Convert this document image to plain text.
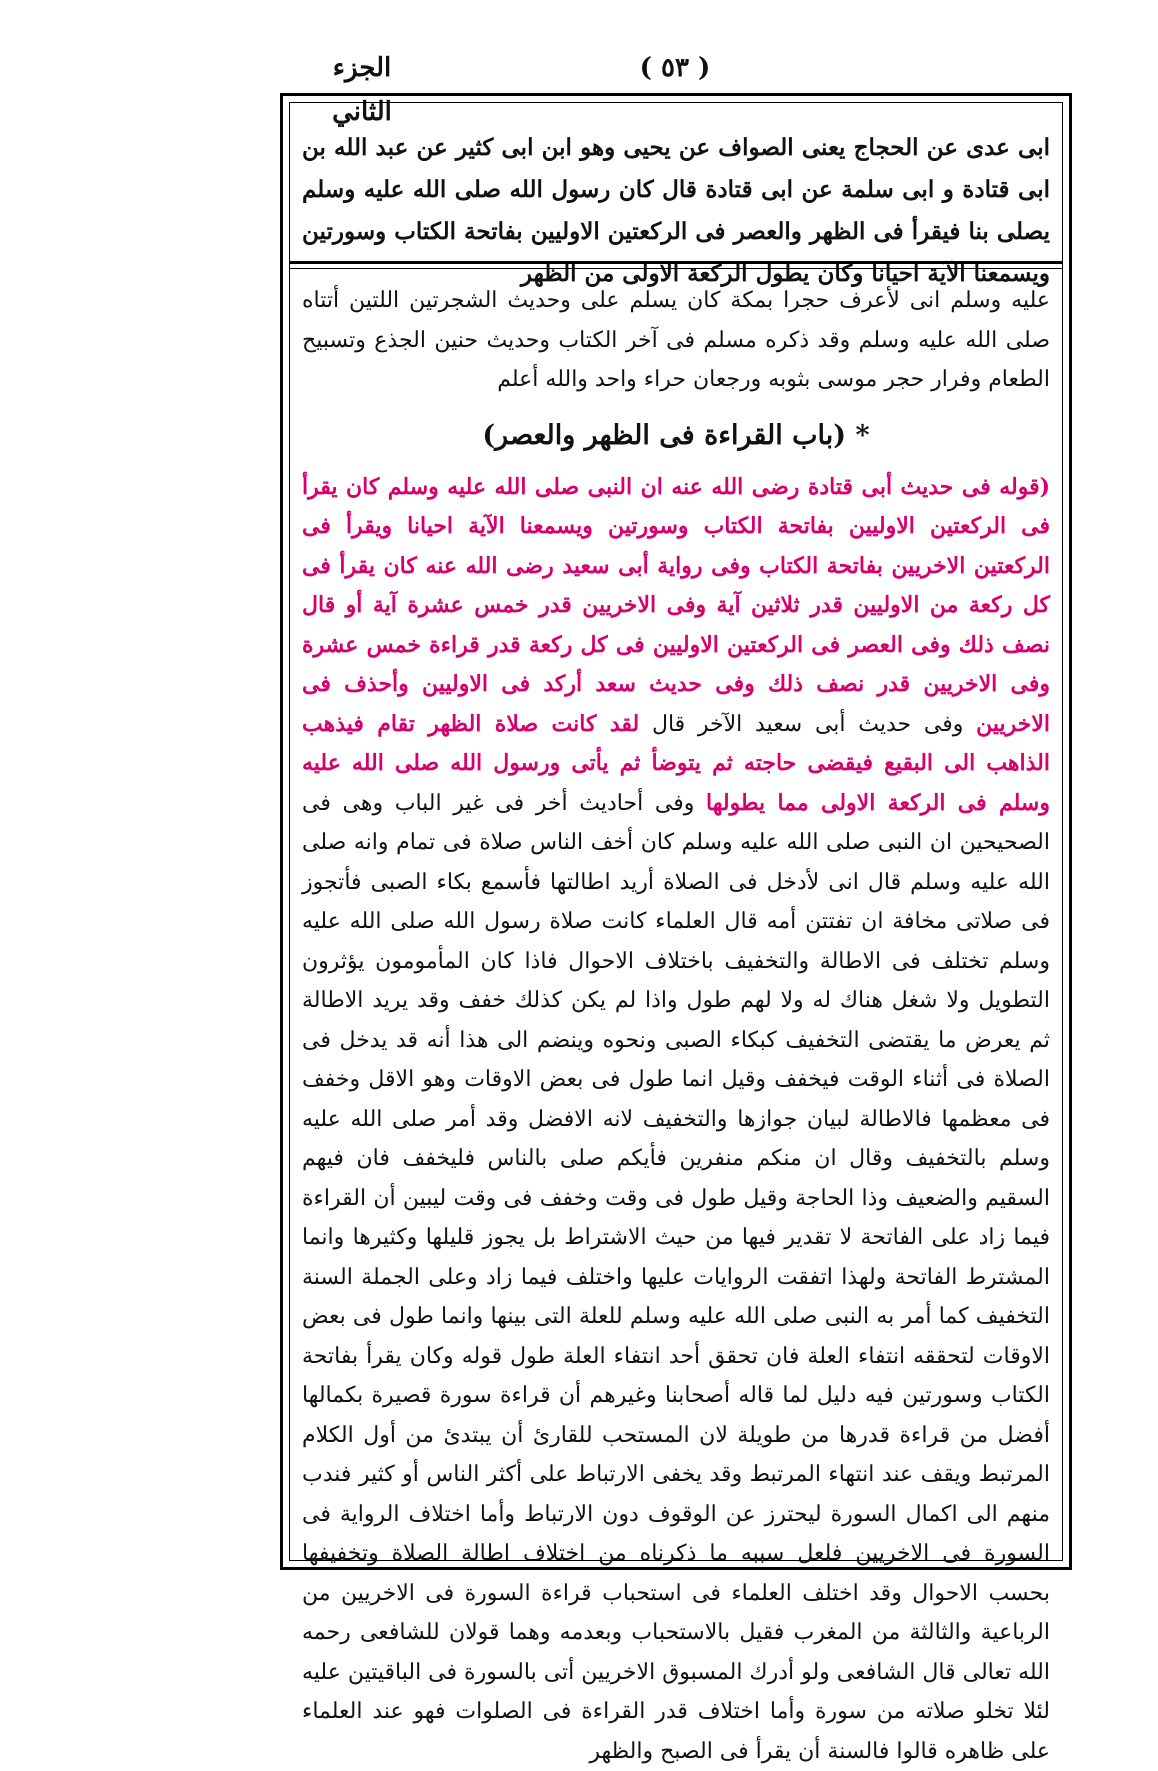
الجزء الثاني
( ٥٣ )
ابى عدى عن الحجاج يعنى الصواف عن يحيى وهو ابن ابى كثير عن عبد الله بن ابى قتادة و ابى سلمة عن ابى قتادة قال كان رسول الله صلى الله عليه وسلم يصلى بنا فيقرأ فى الظهر والعصر فى الركعتين الاوليين بفاتحة الكتاب وسورتين ويسمعنا الآية احيانا وكان يطول الركعة الاولى من الظهر

عليه وسلم انى لأعرف حجرا بمكة كان يسلم على وحديث الشجرتين اللتين أتتاه صلى الله عليه وسلم وقد ذكره مسلم فى آخر الكتاب وحديث حنين الجذع وتسبيح الطعام وفرار حجر موسى بثوبه ورجعان حراء واحد والله أعلم

* (باب القراءة فى الظهر والعصر)

(قوله فى حديث أبى قتادة رضى الله عنه ان النبى صلى الله عليه وسلم كان يقرأ فى الركعتين الاوليين بفاتحة الكتاب وسورتين ويسمعنا الآية احيانا ويقرأ فى الركعتين الاخريين بفاتحة الكتاب وفى رواية أبى سعيد رضى الله عنه كان يقرأ فى كل ركعة من الاوليين قدر ثلاثين آية وفى الاخريين قدر خمس عشرة آية أو قال نصف ذلك وفى العصر فى الركعتين الاوليين فى كل ركعة قدر قراءة خمس عشرة وفى الاخريين قدر نصف ذلك وفى حديث سعد أركد فى الاوليين وأحذف فى الاخريين وفى حديث أبى سعيد الآخر قال لقد كانت صلاة الظهر تقام فيذهب الذاهب الى البقيع فيقضى حاجته ثم يتوضأ ثم يأتى ورسول الله صلى الله عليه وسلم فى الركعة الاولى مما يطولها وفى أحاديث أخر فى غير الباب وهى فى الصحيحين ان النبى صلى الله عليه وسلم كان أخف الناس صلاة فى تمام وانه صلى الله عليه وسلم قال انى لأدخل فى الصلاة أريد اطالتها فأسمع بكاء الصبى فأتجوز فى صلاتى مخافة ان تفتتن أمه قال العلماء كانت صلاة رسول الله صلى الله عليه وسلم تختلف فى الاطالة والتخفيف باختلاف الاحوال فاذا كان المأمومون يؤثرون التطويل ولا شغل هناك له ولا لهم طول واذا لم يكن كذلك خفف وقد يريد الاطالة ثم يعرض ما يقتضى التخفيف كبكاء الصبى ونحوه وينضم الى هذا أنه قد يدخل فى الصلاة فى أثناء الوقت فيخفف وقيل انما طول فى بعض الاوقات وهو الاقل وخفف فى معظمها فالاطالة لبيان جوازها والتخفيف لانه الافضل وقد أمر صلى الله عليه وسلم بالتخفيف وقال ان منكم منفرين فأيكم صلى بالناس فليخفف فان فيهم السقيم والضعيف وذا الحاجة وقيل طول فى وقت وخفف فى وقت ليبين أن القراءة فيما زاد على الفاتحة لا تقدير فيها من حيث الاشتراط بل يجوز قليلها وكثيرها وانما المشترط الفاتحة ولهذا اتفقت الروايات عليها واختلف فيما زاد وعلى الجملة السنة التخفيف كما أمر به النبى صلى الله عليه وسلم للعلة التى بينها وانما طول فى بعض الاوقات لتحققه انتفاء العلة فان تحقق أحد انتفاء العلة طول قوله وكان يقرأ بفاتحة الكتاب وسورتين فيه دليل لما قاله أصحابنا وغيرهم أن قراءة سورة قصيرة بكمالها أفضل من قراءة قدرها من طويلة لان المستحب للقارئ أن يبتدئ من أول الكلام المرتبط ويقف عند انتهاء المرتبط وقد يخفى الارتباط على أكثر الناس أو كثير فندب منهم الى اكمال السورة ليحترز عن الوقوف دون الارتباط وأما اختلاف الرواية فى السورة فى الاخريين فلعل سببه ما ذكرناه من اختلاف اطالة الصلاة وتخفيفها بحسب الاحوال وقد اختلف العلماء فى استحباب قراءة السورة فى الاخريين من الرباعية والثالثة من المغرب فقيل بالاستحباب وبعدمه وهما قولان للشافعى رحمه الله تعالى قال الشافعى ولو أدرك المسبوق الاخريين أتى بالسورة فى الباقيتين عليه لئلا تخلو صلاته من سورة وأما اختلاف قدر القراءة فى الصلوات فهو عند العلماء على ظاهره قالوا فالسنة أن يقرأ فى الصبح والظهر
